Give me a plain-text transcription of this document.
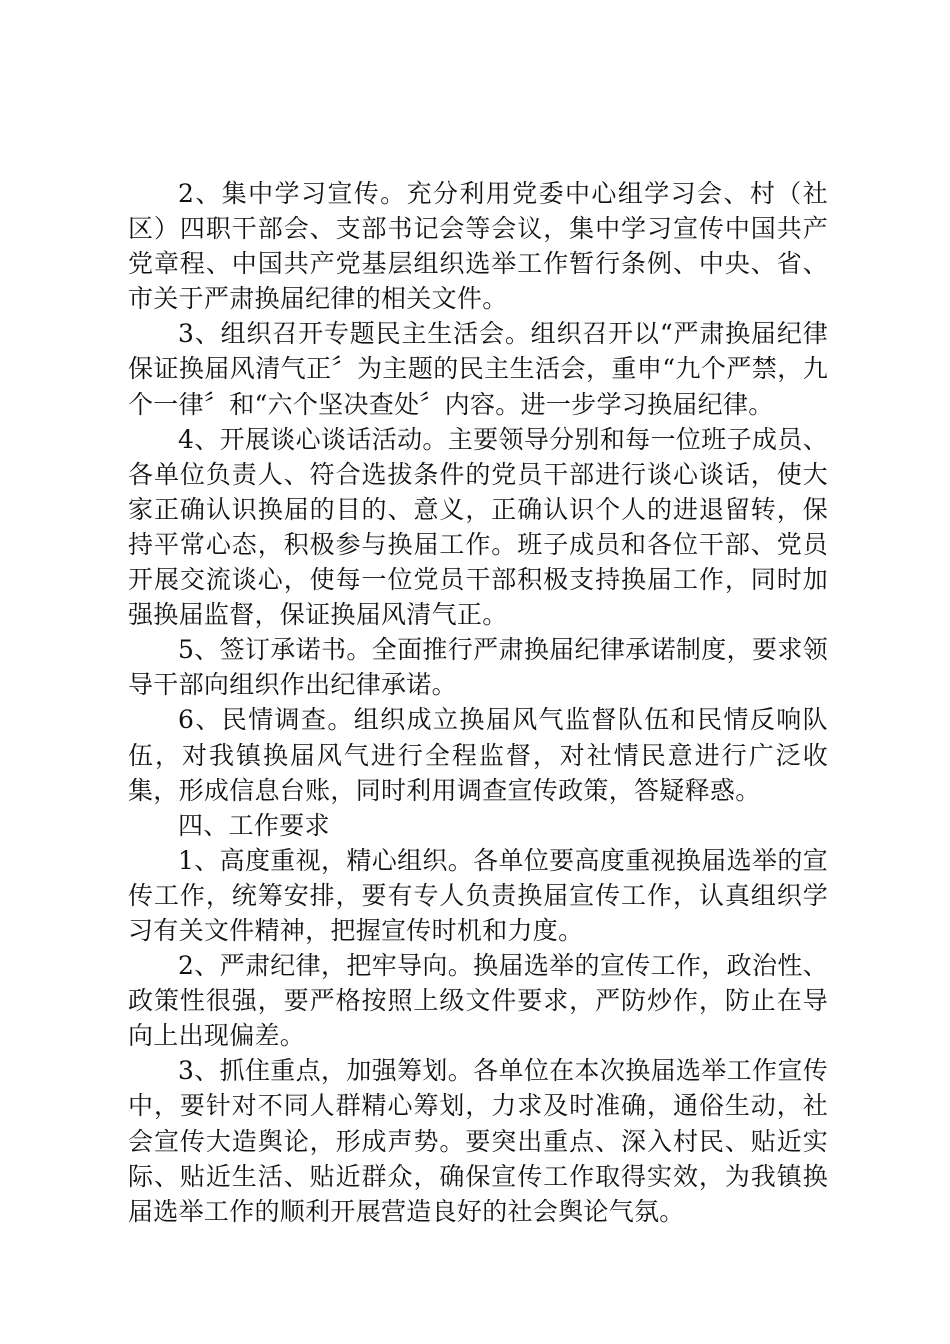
2、集中学习宣传。充分利用党委中心组学习会、村（社区）四职干部会、支部书记会等会议，集中学习宣传中国共产党章程、中国共产党基层组织选举工作暂行条例、中央、省、市关于严肃换届纪律的相关文件。

3、组织召开专题民主生活会。组织召开以“严肃换届纪律保证换届风清气正〞为主题的民主生活会，重申“九个严禁，九个一律〞和“六个坚决查处〞内容。进一步学习换届纪律。

4、开展谈心谈话活动。主要领导分别和每一位班子成员、各单位负责人、符合选拔条件的党员干部进行谈心谈话，使大家正确认识换届的目的、意义，正确认识个人的进退留转，保持平常心态，积极参与换届工作。班子成员和各位干部、党员开展交流谈心，使每一位党员干部积极支持换届工作，同时加强换届监督，保证换届风清气正。

5、签订承诺书。全面推行严肃换届纪律承诺制度，要求领导干部向组织作出纪律承诺。

6、民情调查。组织成立换届风气监督队伍和民情反响队伍，对我镇换届风气进行全程监督，对社情民意进行广泛收集，形成信息台账，同时利用调查宣传政策，答疑释惑。

四、工作要求

1、高度重视，精心组织。各单位要高度重视换届选举的宣传工作，统筹安排，要有专人负责换届宣传工作，认真组织学习有关文件精神，把握宣传时机和力度。

2、严肃纪律，把牢导向。换届选举的宣传工作，政治性、政策性很强，要严格按照上级文件要求，严防炒作，防止在导向上出现偏差。

3、抓住重点，加强筹划。各单位在本次换届选举工作宣传中，要针对不同人群精心筹划，力求及时准确，通俗生动，社会宣传大造舆论，形成声势。要突出重点、深入村民、贴近实际、贴近生活、贴近群众，确保宣传工作取得实效，为我镇换届选举工作的顺利开展营造良好的社会舆论气氛。
